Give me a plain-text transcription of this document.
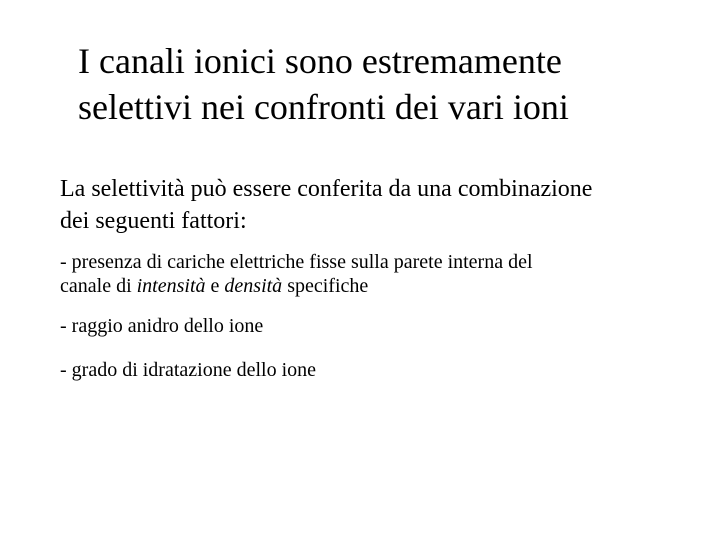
I canali ionici sono estremamente
selettivi nei confronti dei vari ioni

La selettività può essere conferita da una combinazione
dei seguenti fattori:

- presenza di cariche elettriche fisse sulla parete interna del
canale di intensità e densità specifiche

- raggio anidro dello ione

- grado di idratazione dello ione
